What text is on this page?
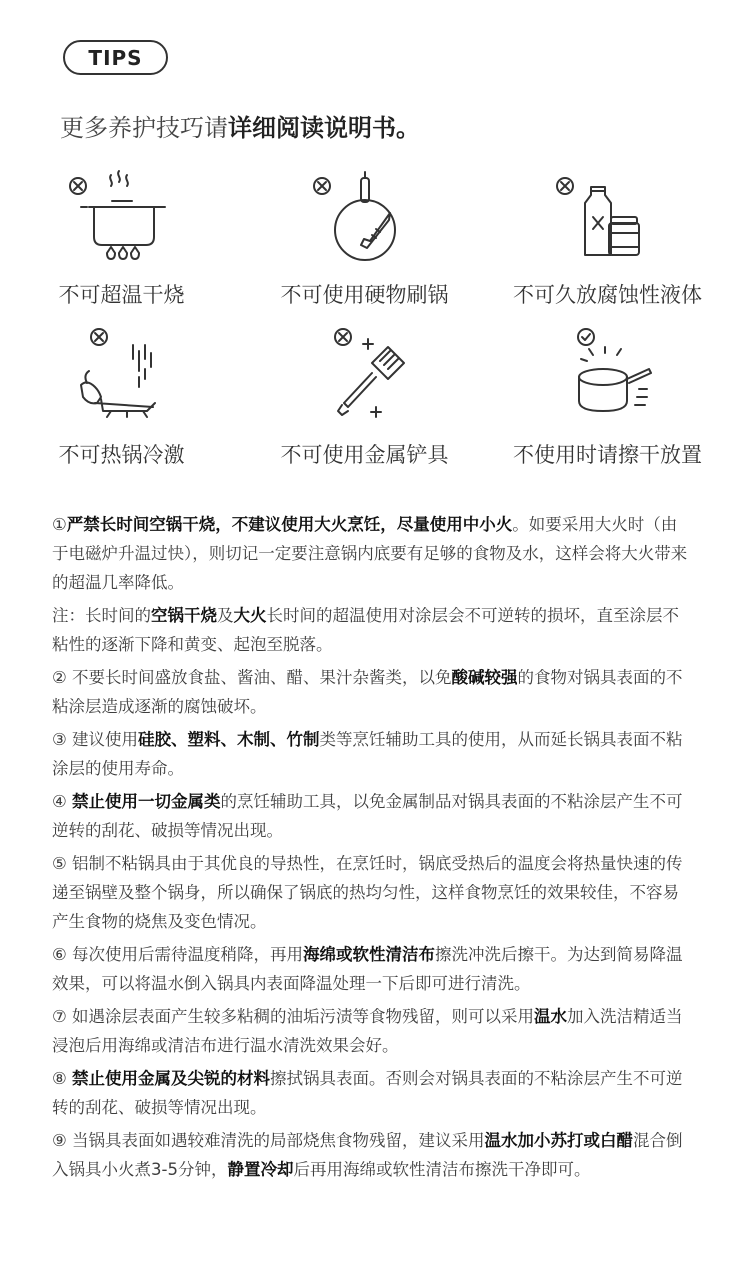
TIPS
更多养护技巧请详细阅读说明书。
不可超温干烧	不可使用硬物刷锅	不可久放腐蚀性液体
不可热锅冷激	不可使用金属铲具	不使用时请擦干放置

①严禁长时间空锅干烧，不建议使用大火烹饪，尽量使用中小火。如要采用大火时（由于电磁炉升温过快），则切记一定要注意锅内底要有足够的食物及水，这样会将大火带来的超温几率降低。

注：长时间的空锅干烧及大火长时间的超温使用对涂层会不可逆转的损坏，直至涂层不粘性的逐渐下降和黄变、起泡至脱落。

② 不要长时间盛放食盐、酱油、醋、果汁杂酱类，以免酸碱较强的食物对锅具表面的不粘涂层造成逐渐的腐蚀破坏。

③ 建议使用硅胶、塑料、木制、竹制类等烹饪辅助工具的使用，从而延长锅具表面不粘涂层的使用寿命。

④ 禁止使用一切金属类的烹饪辅助工具，以免金属制品对锅具表面的不粘涂层产生不可逆转的刮花、破损等情况出现。

⑤ 铝制不粘锅具由于其优良的导热性，在烹饪时，锅底受热后的温度会将热量快速的传递至锅壁及整个锅身，所以确保了锅底的热均匀性，这样食物烹饪的效果较佳，不容易产生食物的烧焦及变色情况。

⑥ 每次使用后需待温度稍降，再用海绵或软性清洁布擦洗冲洗后擦干。为达到简易降温效果，可以将温水倒入锅具内表面降温处理一下后即可进行清洗。

⑦ 如遇涂层表面产生较多粘稠的油垢污渍等食物残留，则可以采用温水加入洗洁精适当浸泡后用海绵或清洁布进行温水清洗效果会好。

⑧ 禁止使用金属及尖锐的材料擦拭锅具表面。否则会对锅具表面的不粘涂层产生不可逆转的刮花、破损等情况出现。

⑨ 当锅具表面如遇较难清洗的局部烧焦食物残留，建议采用温水加小苏打或白醋混合倒入锅具小火煮3-5分钟，静置冷却后再用海绵或软性清洁布擦洗干净即可。
